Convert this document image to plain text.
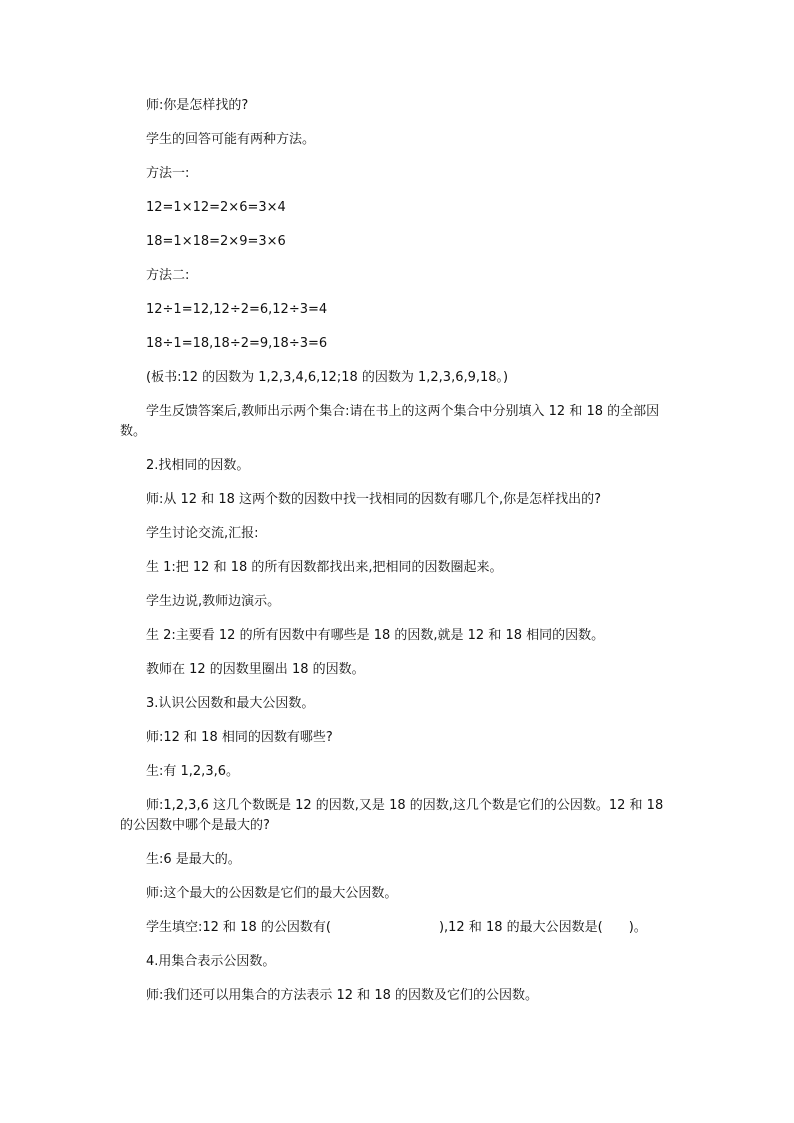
师:你是怎样找的?

学生的回答可能有两种方法。

方法一:

12=1×12=2×6=3×4

18=1×18=2×9=3×6

方法二:

12÷1=12,12÷2=6,12÷3=4

18÷1=18,18÷2=9,18÷3=6

(板书:12 的因数为 1,2,3,4,6,12;18 的因数为 1,2,3,6,9,18。)

学生反馈答案后,教师出示两个集合:请在书上的这两个集合中分别填入 12 和 18 的全部因数。

2.找相同的因数。

师:从 12 和 18 这两个数的因数中找一找相同的因数有哪几个,你是怎样找出的?

学生讨论交流,汇报:

生 1:把 12 和 18 的所有因数都找出来,把相同的因数圈起来。

学生边说,教师边演示。

生 2:主要看 12 的所有因数中有哪些是 18 的因数,就是 12 和 18 相同的因数。

教师在 12 的因数里圈出 18 的因数。

3.认识公因数和最大公因数。

师:12 和 18 相同的因数有哪些?

生:有 1,2,3,6。

师:1,2,3,6 这几个数既是 12 的因数,又是 18 的因数,这几个数是它们的公因数。12 和 18 的公因数中哪个是最大的?

生:6 是最大的。

师:这个最大的公因数是它们的最大公因数。

学生填空:12 和 18 的公因数有(	),12 和 18 的最大公因数是( )。

4.用集合表示公因数。

师:我们还可以用集合的方法表示 12 和 18 的因数及它们的公因数。
